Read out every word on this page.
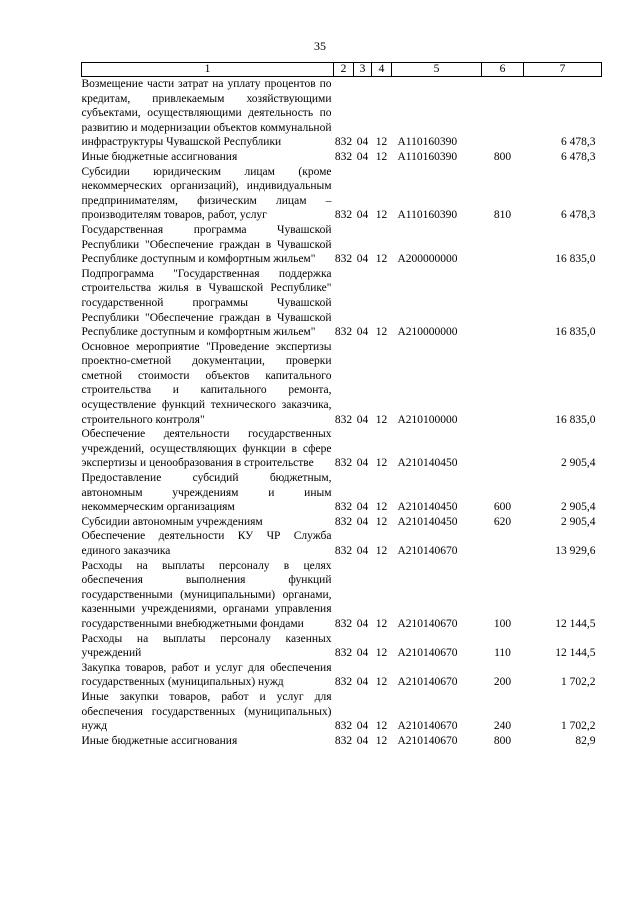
35
1	2	3	4	5	6	7
Возмещение части затрат на уплату процентов по кредитам, привлекаемым хозяйствующими субъектами, осуществляющими деятельность по развитию и модернизации объектов коммунальной инфраструктуры Чувашской Республики	832	04	12	А110160390		6 478,3
Иные бюджетные ассигнования	832	04	12	А110160390	800	6 478,3
Субсидии юридическим лицам (кроме некоммерческих организаций), индивидуальным предпринимателям, физическим лицам – производителям товаров, работ, услуг	832	04	12	А110160390	810	6 478,3
Государственная программа Чувашской Республики "Обеспечение граждан в Чувашской Республике доступным и комфортным жильем"	832	04	12	А200000000		16 835,0
Подпрограмма "Государственная поддержка строительства жилья в Чувашской Республике" государственной программы Чувашской Республики "Обеспечение граждан в Чувашской Республике доступным и комфортным жильем"	832	04	12	А210000000		16 835,0
Основное мероприятие "Проведение экспертизы проектно-сметной документации, проверки сметной стоимости объектов капитального строительства и капитального ремонта, осуществление функций технического заказчика, строительного контроля"	832	04	12	А210100000		16 835,0
Обеспечение деятельности государственных учреждений, осуществляющих функции в сфере экспертизы и ценообразования в строительстве	832	04	12	А210140450		2 905,4
Предоставление субсидий бюджетным, автономным учреждениям и иным некоммерческим организациям	832	04	12	А210140450	600	2 905,4
Субсидии автономным учреждениям	832	04	12	А210140450	620	2 905,4
Обеспечение деятельности КУ ЧР Служба единого заказчика	832	04	12	А210140670		13 929,6
Расходы на выплаты персоналу в целях обеспечения выполнения функций государственными (муниципальными) органами, казенными учреждениями, органами управления государственными внебюджетными фондами	832	04	12	А210140670	100	12 144,5
Расходы на выплаты персоналу казенных учреждений	832	04	12	А210140670	110	12 144,5
Закупка товаров, работ и услуг для обеспечения государственных (муниципальных) нужд	832	04	12	А210140670	200	1 702,2
Иные закупки товаров, работ и услуг для обеспечения государственных (муниципальных) нужд	832	04	12	А210140670	240	1 702,2
Иные бюджетные ассигнования	832	04	12	А210140670	800	82,9
